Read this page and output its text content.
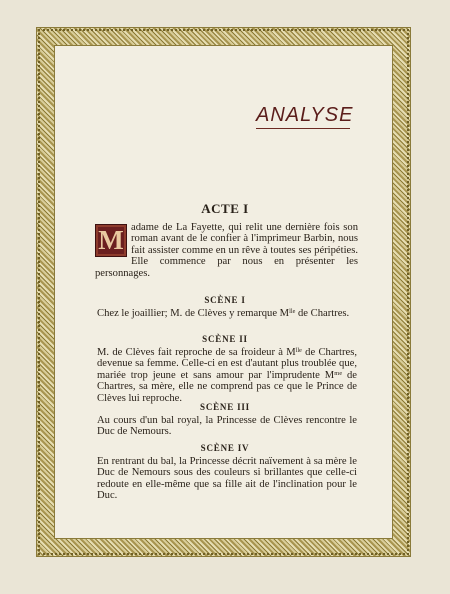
ANALYSE
ACTE I
M adame de La Fayette, qui relit une dernière fois son roman avant de le confier à l'imprimeur Barbin, nous fait assister comme en un rêve à toutes ses péripéties. Elle commence par nous en présenter les personnages.
SCÈNE I
Chez le joaillier; M. de Clèves y remarque Mˡˡᵉ de Chartres.
SCÈNE II
M. de Clèves fait reproche de sa froideur à Mˡˡᵉ de Chartres, devenue sa femme. Celle-ci en est d'autant plus troublée que, mariée trop jeune et sans amour par l'imprudente Mᵐᵉ de Chartres, sa mère, elle ne comprend pas ce que le Prince de Clèves lui reproche.
SCÈNE III
Au cours d'un bal royal, la Princesse de Clèves rencontre le Duc de Nemours.
SCÈNE IV
En rentrant du bal, la Princesse décrit naïvement à sa mère le Duc de Nemours sous des couleurs si brillantes que celle-ci redoute en elle-même que sa fille ait de l'inclination pour le Duc.
